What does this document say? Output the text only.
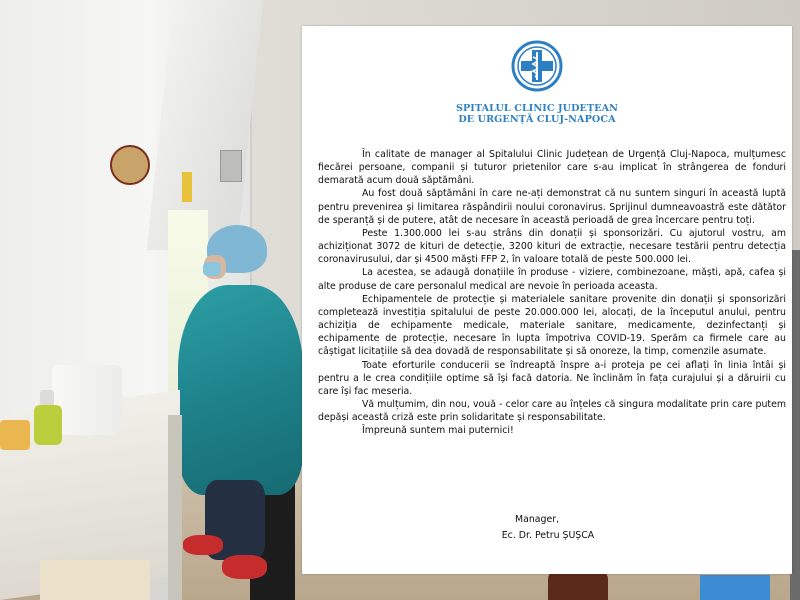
SPITALUL CLINIC JUDEȚEAN
DE URGENȚĂ CLUJ-NAPOCA

În calitate de manager al Spitalului Clinic Județean de Urgență Cluj-Napoca, mulțumesc fiecărei persoane, companii și tuturor prietenilor care s-au implicat în strângerea de fonduri demarată acum două săptămâni.

Au fost două săptămâni în care ne-ați demonstrat că nu suntem singuri în această luptă pentru prevenirea și limitarea răspândirii noului coronavirus. Sprijinul dumneavoastră este dătător de speranță și de putere, atât de necesare în această perioadă de grea încercare pentru toți.

Peste 1.300.000 lei s-au strâns din donații și sponsorizări. Cu ajutorul vostru, am achiziționat 3072 de kituri de detecție, 3200 kituri de extracție, necesare testării pentru detecția coronavirusului, dar și 4500 măști FFP 2, în valoare totală de peste 500.000 lei.

La acestea, se adaugă donațiile în produse - viziere, combinezoane, măști, apă, cafea și alte produse de care personalul medical are nevoie în perioada aceasta.

Echipamentele de protecție și materialele sanitare provenite din donații și sponsorizări completează investiția spitalului de peste 20.000.000 lei, alocați, de la începutul anului, pentru achiziția de echipamente medicale, materiale sanitare, medicamente, dezinfectanți și echipamente de protecție, necesare în lupta împotriva COVID-19. Sperăm ca firmele care au câștigat licitațiile să dea dovadă de responsabilitate și să onoreze, la timp, comenzile asumate.

Toate eforturile conducerii se îndreaptă înspre a-i proteja pe cei aflați în linia întâi și pentru a le crea condițiile optime să își facă datoria. Ne înclinăm în fața curajului și a dăruirii cu care își fac meseria.

Vă mulțumim, din nou, vouă - celor care au înțeles că singura modalitate prin care putem depăși această criză este prin solidaritate și responsabilitate.

Împreună suntem mai puternici!

Manager,
Ec. Dr. Petru ȘUȘCA
